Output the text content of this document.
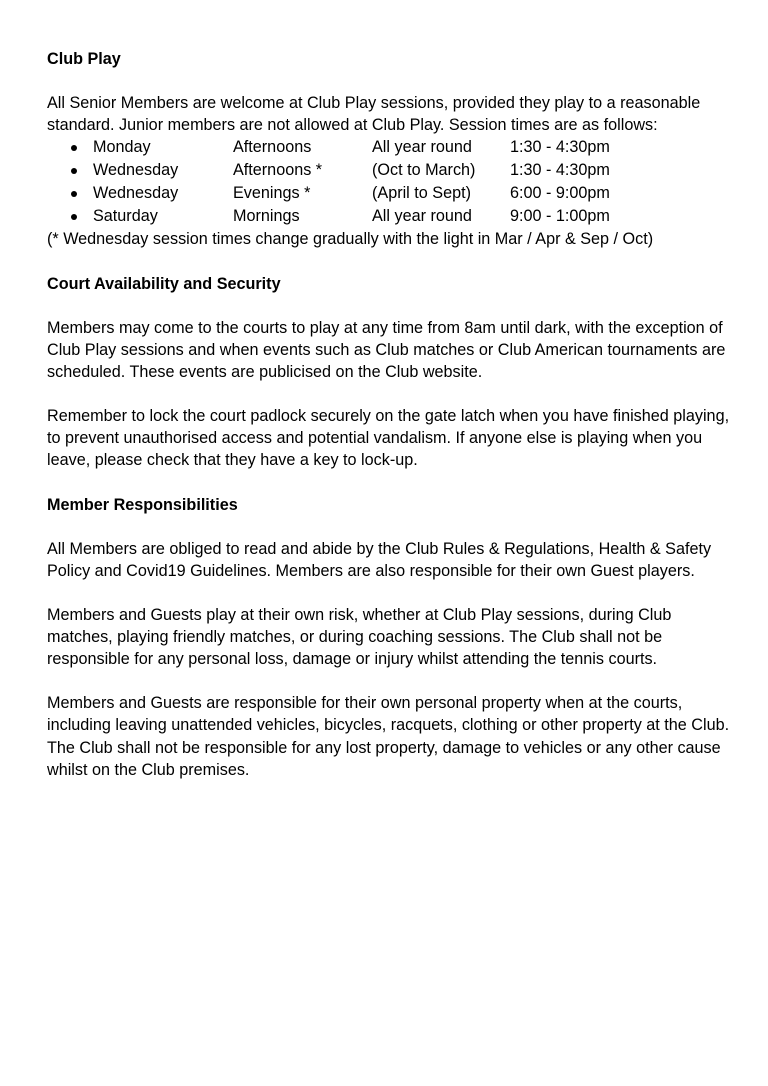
Club Play

All Senior Members are welcome at Club Play sessions, provided they play to a reasonable standard. Junior members are not allowed at Club Play. Session times are as follows:

Monday	Afternoons	All year round 1:30 - 4:30pm
Wednesday	Afternoons *	(Oct to March) 1:30 - 4:30pm
Wednesday	Evenings *	(April to Sept) 6:00 - 9:00pm
Saturday	Mornings	All year round 9:00 - 1:00pm

(* Wednesday session times change gradually with the light in Mar / Apr & Sep / Oct)

Court Availability and Security

Members may come to the courts to play at any time from 8am until dark, with the exception of Club Play sessions and when events such as Club matches or Club American tournaments are scheduled. These events are publicised on the Club website.

Remember to lock the court padlock securely on the gate latch when you have finished playing, to prevent unauthorised access and potential vandalism. If anyone else is playing when you leave, please check that they have a key to lock-up.

Member Responsibilities

All Members are obliged to read and abide by the Club Rules & Regulations, Health & Safety Policy and Covid19 Guidelines. Members are also responsible for their own Guest players.

Members and Guests play at their own risk, whether at Club Play sessions, during Club matches, playing friendly matches, or during coaching sessions. The Club shall not be responsible for any personal loss, damage or injury whilst attending the tennis courts.

Members and Guests are responsible for their own personal property when at the courts, including leaving unattended vehicles, bicycles, racquets, clothing or other property at the Club. The Club shall not be responsible for any lost property, damage to vehicles or any other cause whilst on the Club premises.
